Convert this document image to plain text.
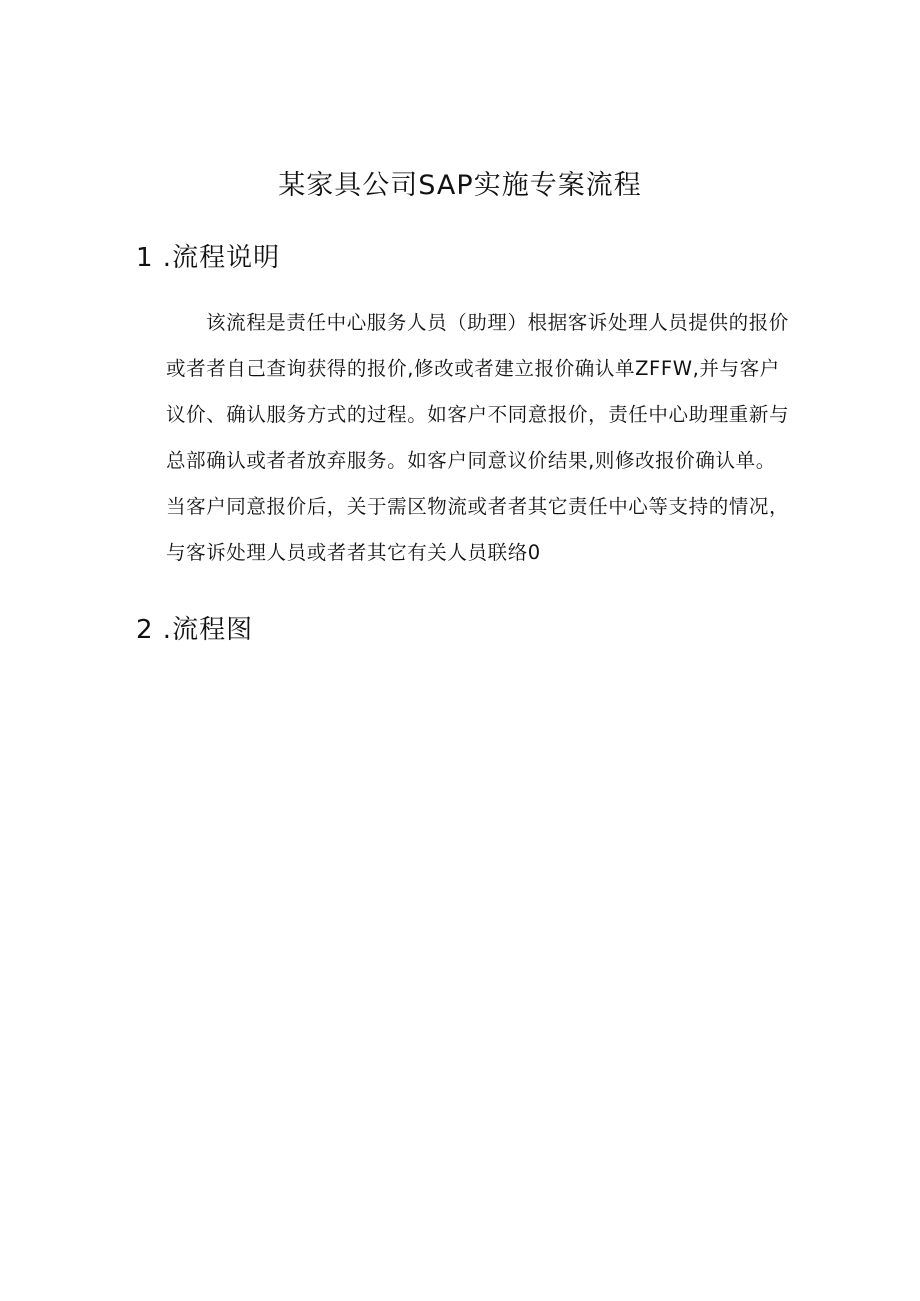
某家具公司SAP实施专案流程
1 .流程说明

该流程是责任中心服务人员（助理）根据客诉处理人员提供的报价
或者者自己查询获得的报价,修改或者建立报价确认单ZFFW,并与客户
议价、确认服务方式的过程。如客户不同意报价，责任中心助理重新与
总部确认或者者放弃服务。如客户同意议价结果,则修改报价确认单。
当客户同意报价后，关于需区物流或者者其它责任中心等支持的情况，
与客诉处理人员或者者其它有关人员联络0

2 .流程图
